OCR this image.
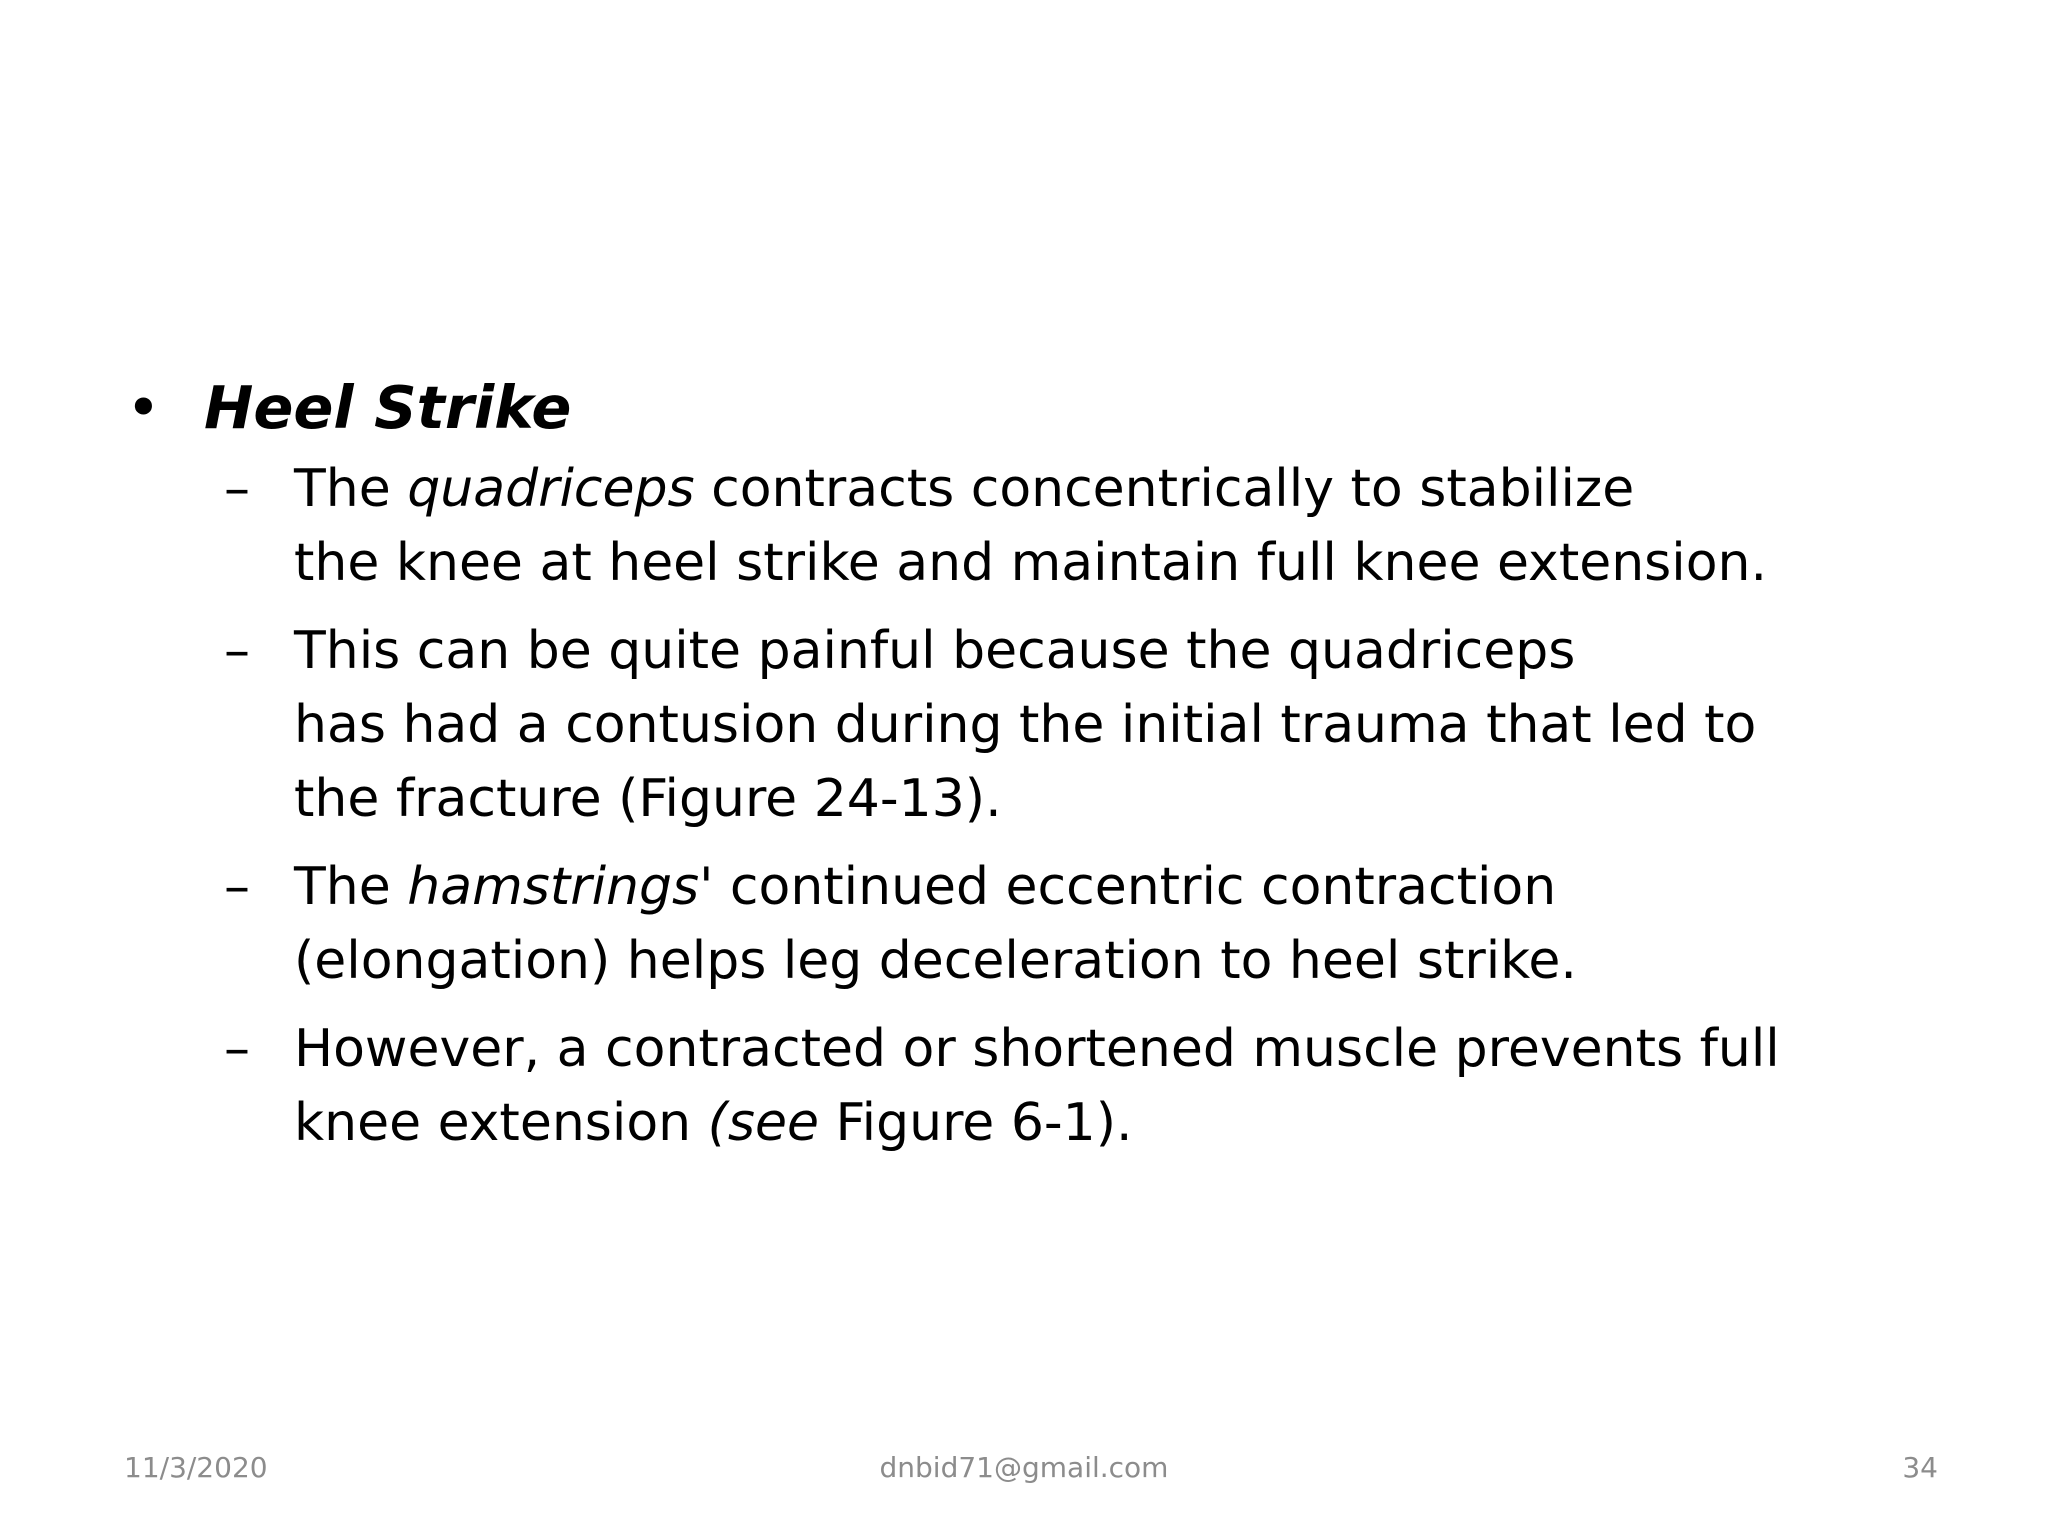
• Heel Strike
– The quadriceps contracts concentrically to stabilize
the knee at heel strike and maintain full knee extension.
– This can be quite painful because the quadriceps
has had a contusion during the initial trauma that led to
the fracture (Figure 24-13).
– The hamstrings' continued eccentric contraction
(elongation) helps leg deceleration to heel strike.
– However, a contracted or shortened muscle prevents full
knee extension (see Figure 6-1).
11/3/2020	dnbid71@gmail.com	34
